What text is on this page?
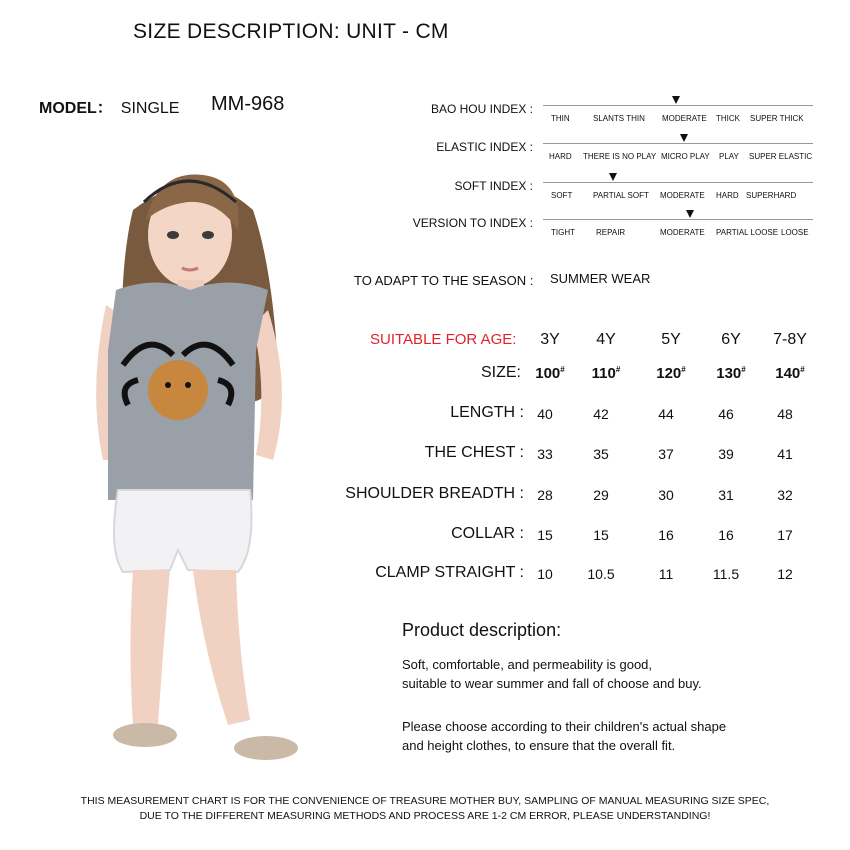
SIZE DESCRIPTION: UNIT - CM
MODEL： SINGLE MM-968	BAO HOU INDEX :
THIN	SLANTS THIN MODERATE THICK SUPER THICK
ELASTIC INDEX :
HARD THERE IS NO PLAY MICRO PLAY PLAY SUPER ELASTIC
SOFT INDEX :
SOFT	PARTIAL SOFT MODERATE HARD SUPERHARD
VERSION TO INDEX :
TIGHT	REPAIR	MODERATE PARTIAL LOOSE LOOSE
TO ADAPT TO THE SEASON : SUMMER WEAR
SUITABLE FOR AGE:	3Y	4Y	5Y	6Y	7-8Y
SIZE: 100#	110#	120#	130#	140#
LENGTH : 40	42	44	46	48
THE CHEST : 33	35	37	39	41
SHOULDER BREADTH : 28	29	30	31	32
COLLAR : 15	15	16	16	17
CLAMP STRAIGHT : 10	10.5	11	11.5	12
Product description:
Soft, comfortable, and permeability is good,
suitable to wear summer and fall of choose and buy.
Please choose according to their children's actual shape
and height clothes, to ensure that the overall fit.
THIS MEASUREMENT CHART IS FOR THE CONVENIENCE OF TREASURE MOTHER BUY, SAMPLING OF MANUAL MEASURING SIZE SPEC,
DUE TO THE DIFFERENT MEASURING METHODS AND PROCESS ARE 1-2 CM ERROR, PLEASE UNDERSTANDING!
